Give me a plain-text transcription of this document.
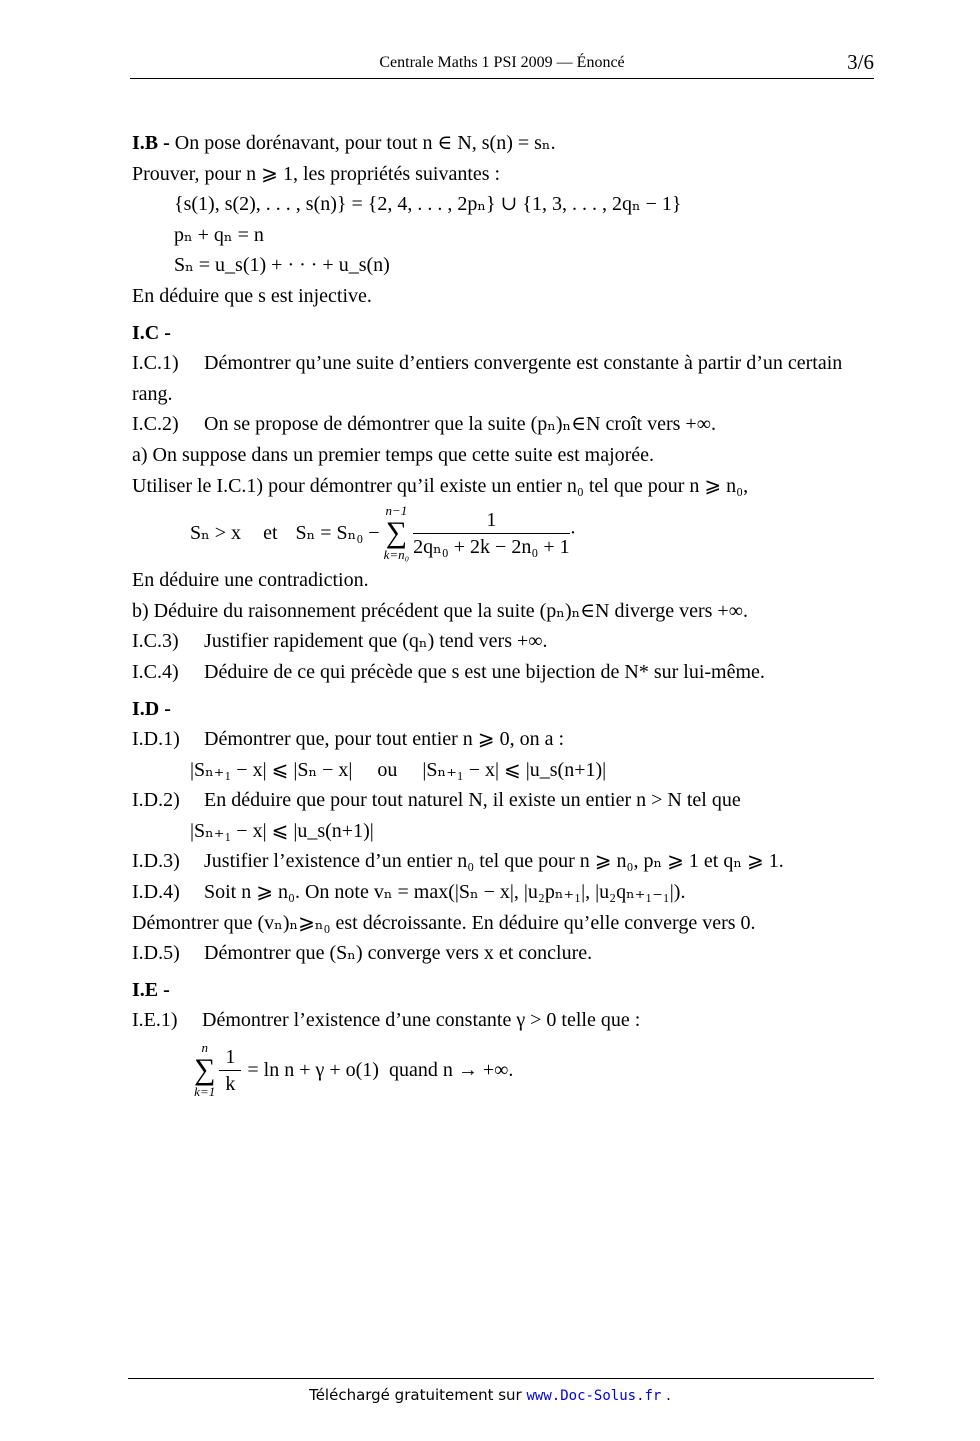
Centrale Maths 1 PSI 2009 — Énoncé	3/6

I.B - On pose dorénavant, pour tout n ∈ N, s(n) = sₙ.

Prouver, pour n ⩾ 1, les propriétés suivantes :

{s(1), s(2), . . . , s(n)} = {2, 4, . . . , 2pₙ} ∪ {1, 3, . . . , 2qₙ − 1}

pₙ + qₙ = n

Sₙ = u_s(1) + · · · + u_s(n)

En déduire que s est injective.

I.C -

I.C.1) Démontrer qu’une suite d’entiers convergente est constante à partir d’un certain rang.

I.C.2) On se propose de démontrer que la suite (pₙ)ₙ∈N croît vers +∞.

a) On suppose dans un premier temps que cette suite est majorée.

Utiliser le I.C.1) pour démontrer qu’il existe un entier n₀ tel que pour n ⩾ n₀,

Sₙ > x et Sₙ = Sₙ₀ −
n−1
∑
$k=n_0 \frac{1}{\text{2qₙ₀ + 2k − 2n₀ + 1}}$ ·

En déduire une contradiction.

b) Déduire du raisonnement précédent que la suite (pₙ)ₙ∈N diverge vers +∞.

I.C.3) Justifier rapidement que (qₙ) tend vers +∞.

I.C.4) Déduire de ce qui précède que s est une bijection de N* sur lui-même.

I.D -

I.D.1) Démontrer que, pour tout entier n ⩾ 0, on a :

|Sₙ₊₁ − x| ⩽ |Sₙ − x|     ou     |Sₙ₊₁ − x| ⩽ |u_s(n+1)|

I.D.2) En déduire que pour tout naturel N, il existe un entier n > N tel que

|Sₙ₊₁ − x| ⩽ |u_s(n+1)|

I.D.3) Justifier l’existence d’un entier n₀ tel que pour n ⩾ n₀, pₙ ⩾ 1 et qₙ ⩾ 1.

I.D.4) Soit n ⩾ n₀. On note vₙ = max(|Sₙ − x|, |u₂pₙ₊₁|, |u₂qₙ₊₁₋₁|).

Démontrer que (vₙ)ₙ⩾ₙ₀ est décroissante. En déduire qu’elle converge vers 0.

I.D.5) Démontrer que (Sₙ) converge vers x et conclure.

I.E -

I.E.1) Démontrer l’existence d’une constante γ > 0 telle que :

n
∑
$k=1 \frac{1}{k} = \ln n + \gamma + o(1)$  quand n → +∞.
Téléchargé gratuitement sur www.Doc-Solus.fr .
